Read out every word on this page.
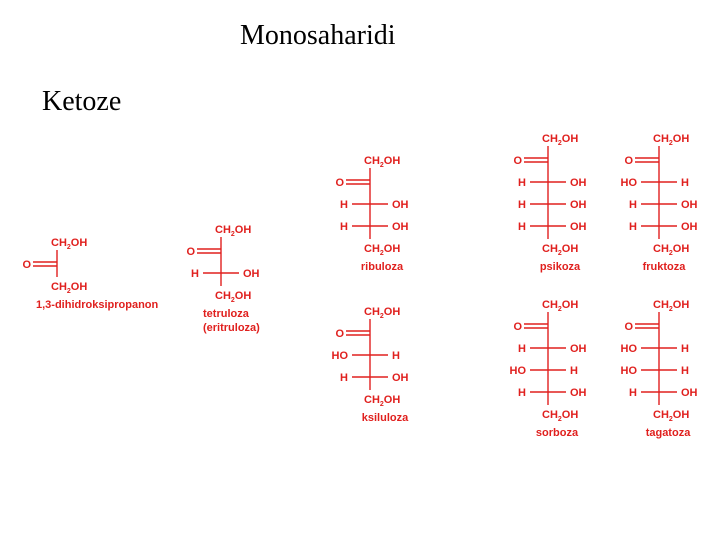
Monosaharidi
Ketoze
$CH_2OH$
O
$CH_2OH$
1,3-dihidroksipropanon
$CH_2OH$
O
H	OH
$CH_2OH$
tetruloza
(eritruloza)
$CH_2OH$
O
H	OH
H	OH
$CH_2OH$
ribuloza
$CH_2OH$
O
HO	H
H	OH
$CH_2OH$
ksiluloza
$CH_2OH$
O
H	OH
H	OH
H	OH
$CH_2OH$
psikoza
$CH_2OH$
O
HO	H
H	OH
H	OH
$CH_2OH$
fruktoza
$CH_2OH$
O
H	OH
HO	H
H	OH
$CH_2OH$
sorboza
$CH_2OH$
O
HO	H
HO	H
H	OH
$CH_2OH$
tagatoza
